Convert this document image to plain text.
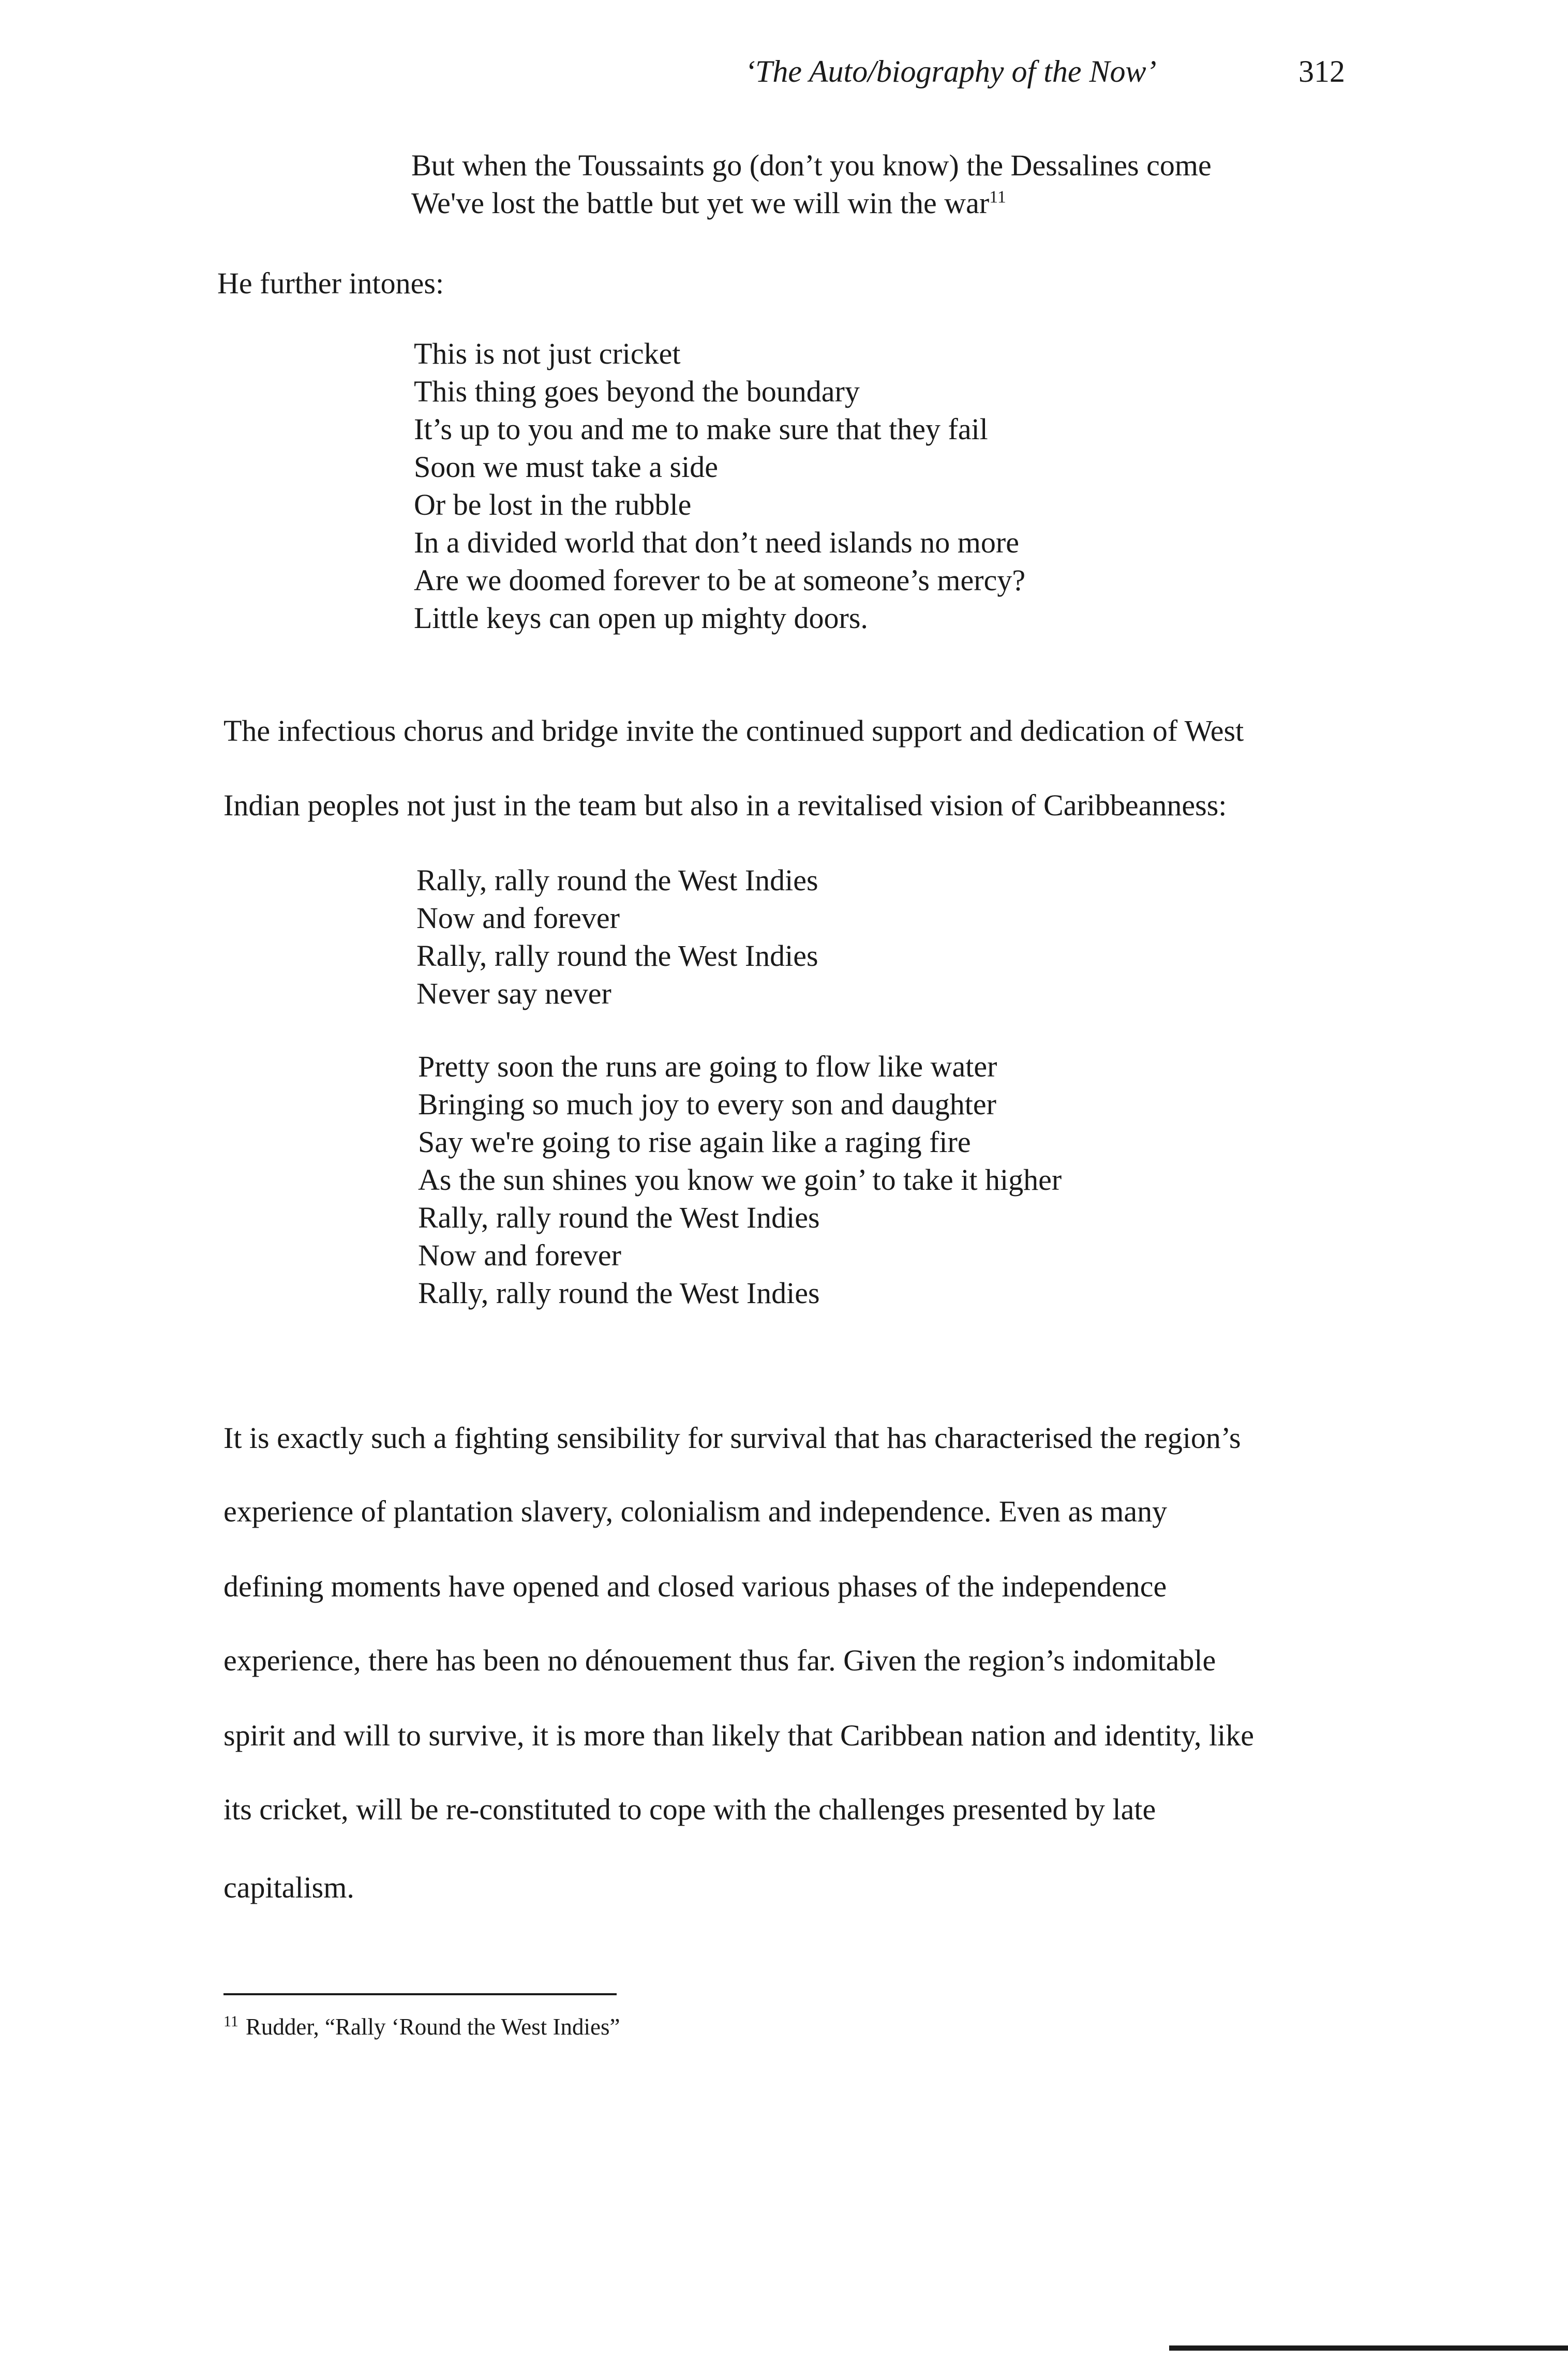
‘The Auto/biography of the Now’	312
But when the Toussaints go (don’t you know) the Dessalines come
We've lost the battle but yet we will win the war$^{11}$
He further intones:
This is not just cricket
This thing goes beyond the boundary
It’s up to you and me to make sure that they fail
Soon we must take a side
Or be lost in the rubble
In a divided world that don’t need islands no more
Are we doomed forever to be at someone’s mercy?
Little keys can open up mighty doors.
The infectious chorus and bridge invite the continued support and dedication of West
Indian peoples not just in the team but also in a revitalised vision of Caribbeanness:
Rally, rally round the West Indies
Now and forever
Rally, rally round the West Indies
Never say never
Pretty soon the runs are going to flow like water
Bringing so much joy to every son and daughter
Say we're going to rise again like a raging fire
As the sun shines you know we goin’ to take it higher
Rally, rally round the West Indies
Now and forever
Rally, rally round the West Indies
It is exactly such a fighting sensibility for survival that has characterised the region’s
experience of plantation slavery, colonialism and independence. Even as many
defining moments have opened and closed various phases of the independence
experience, there has been no dénouement thus far. Given the region’s indomitable
spirit and will to survive, it is more than likely that Caribbean nation and identity, like
its cricket, will be re-constituted to cope with the challenges presented by late
capitalism.
$^{11}$ Rudder, “Rally ‘Round the West Indies”
